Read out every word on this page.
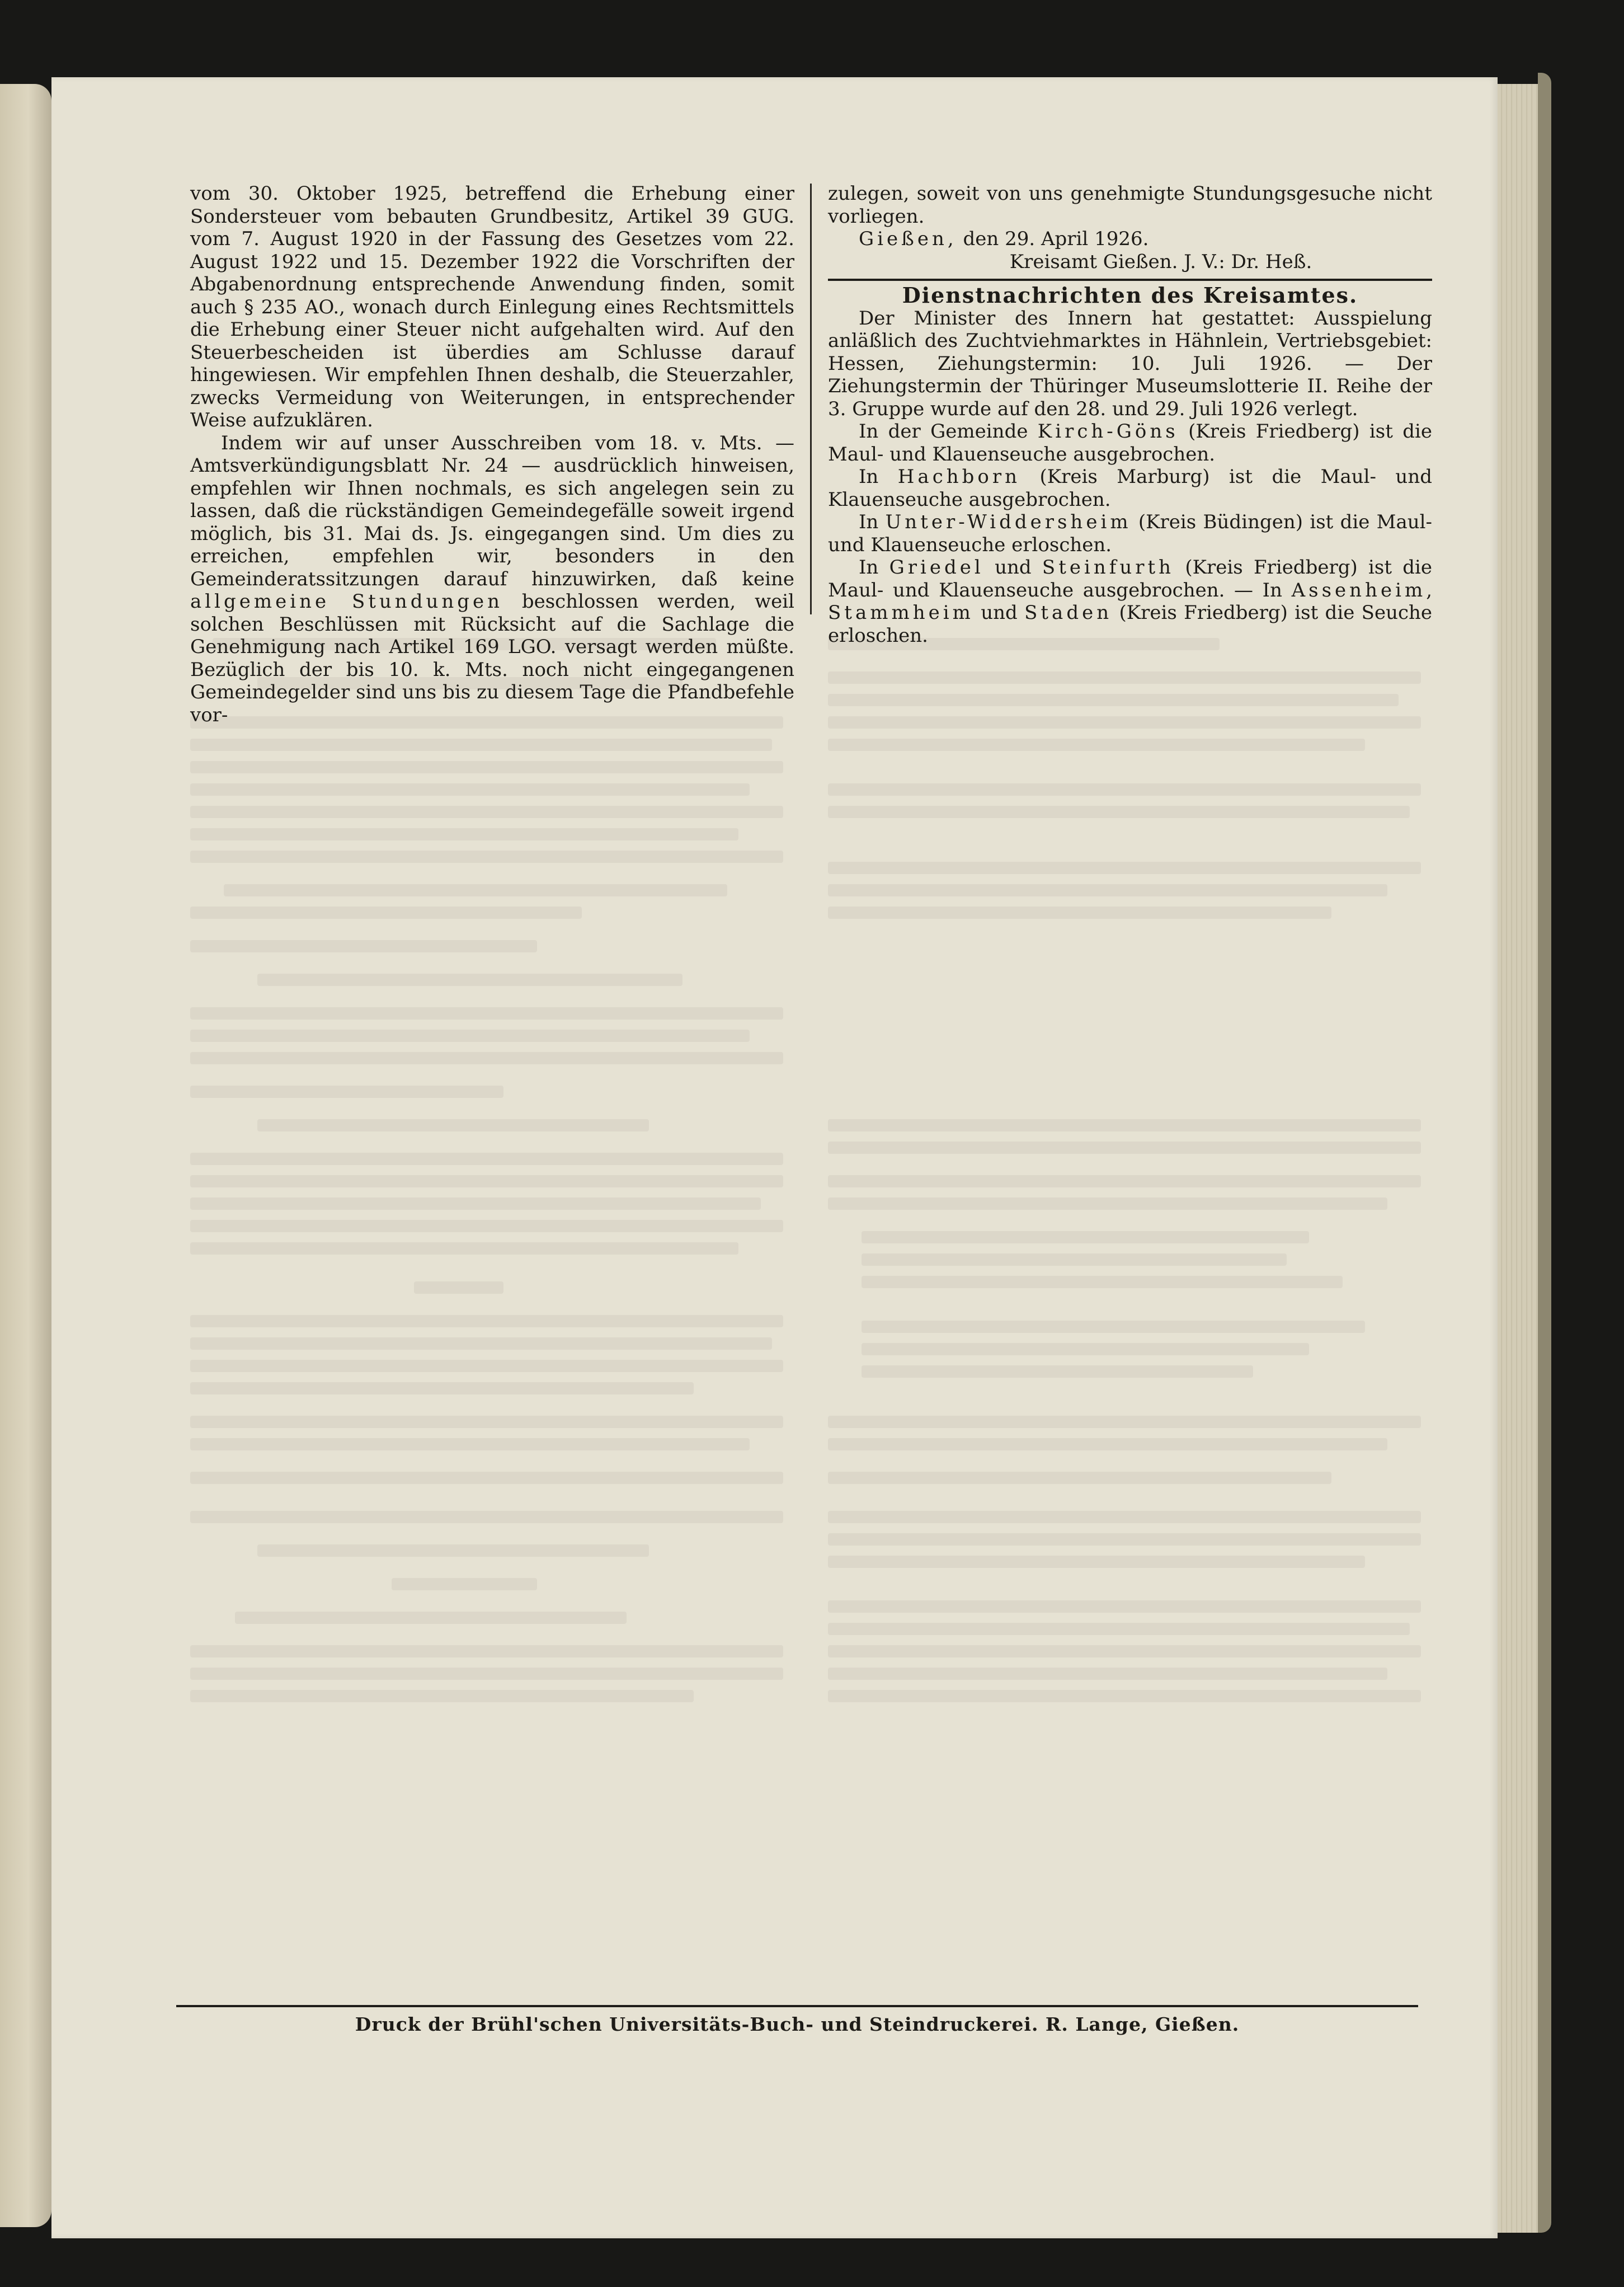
vom 30. Oktober 1925, betreffend die Erhebung einer Sondersteuer vom bebauten Grundbesitz, Artikel 39 GUG. vom 7. August 1920 in der Fassung des Gesetzes vom 22. August 1922 und 15. Dezember 1922 die Vorschriften der Abgabenordnung entsprechende Anwendung finden, somit auch § 235 AO., wonach durch Einlegung eines Rechtsmittels die Erhebung einer Steuer nicht aufgehalten wird. Auf den Steuerbescheiden ist überdies am Schlusse darauf hingewiesen. Wir empfehlen Ihnen deshalb, die Steuerzahler, zwecks Vermeidung von Weiterungen, in entsprechender Weise aufzuklären.

Indem wir auf unser Ausschreiben vom 18. v. Mts. — Amtsverkündigungsblatt Nr. 24 — ausdrücklich hinweisen, empfehlen wir Ihnen nochmals, es sich angelegen sein zu lassen, daß die rückständigen Gemeindegefälle soweit irgend möglich, bis 31. Mai ds. Js. eingegangen sind. Um dies zu erreichen, empfehlen wir, besonders in den Gemeinderatssitzungen darauf hinzuwirken, daß keine allgemeine Stundungen beschlossen werden, weil solchen Beschlüssen mit Rücksicht auf die Sachlage die Genehmigung nach Artikel 169 LGO. versagt werden müßte. Bezüglich der bis 10. k. Mts. noch nicht eingegangenen Gemeindegelder sind uns bis zu diesem Tage die Pfandbefehle vor-

zulegen, soweit von uns genehmigte Stundungsgesuche nicht vorliegen.

Gießen, den 29. April 1926.

Kreisamt Gießen. J. V.: Dr. Heß.

Dienstnachrichten des Kreisamtes.

Der Minister des Innern hat gestattet: Ausspielung anläßlich des Zuchtviehmarktes in Hähnlein, Vertriebsgebiet: Hessen, Ziehungstermin: 10. Juli 1926. — Der Ziehungstermin der Thüringer Museumslotterie II. Reihe der 3. Gruppe wurde auf den 28. und 29. Juli 1926 verlegt.

In der Gemeinde Kirch-Göns (Kreis Friedberg) ist die Maul- und Klauenseuche ausgebrochen.

In Hachborn (Kreis Marburg) ist die Maul- und Klauenseuche ausgebrochen.

In Unter-Widdersheim (Kreis Büdingen) ist die Maul- und Klauenseuche erloschen.

In Griedel und Steinfurth (Kreis Friedberg) ist die Maul- und Klauenseuche ausgebrochen. — In Assenheim, Stammheim und Staden (Kreis Friedberg) ist die Seuche erloschen.

Druck der Brühl'schen Universitäts-Buch- und Steindruckerei. R. Lange, Gießen.
